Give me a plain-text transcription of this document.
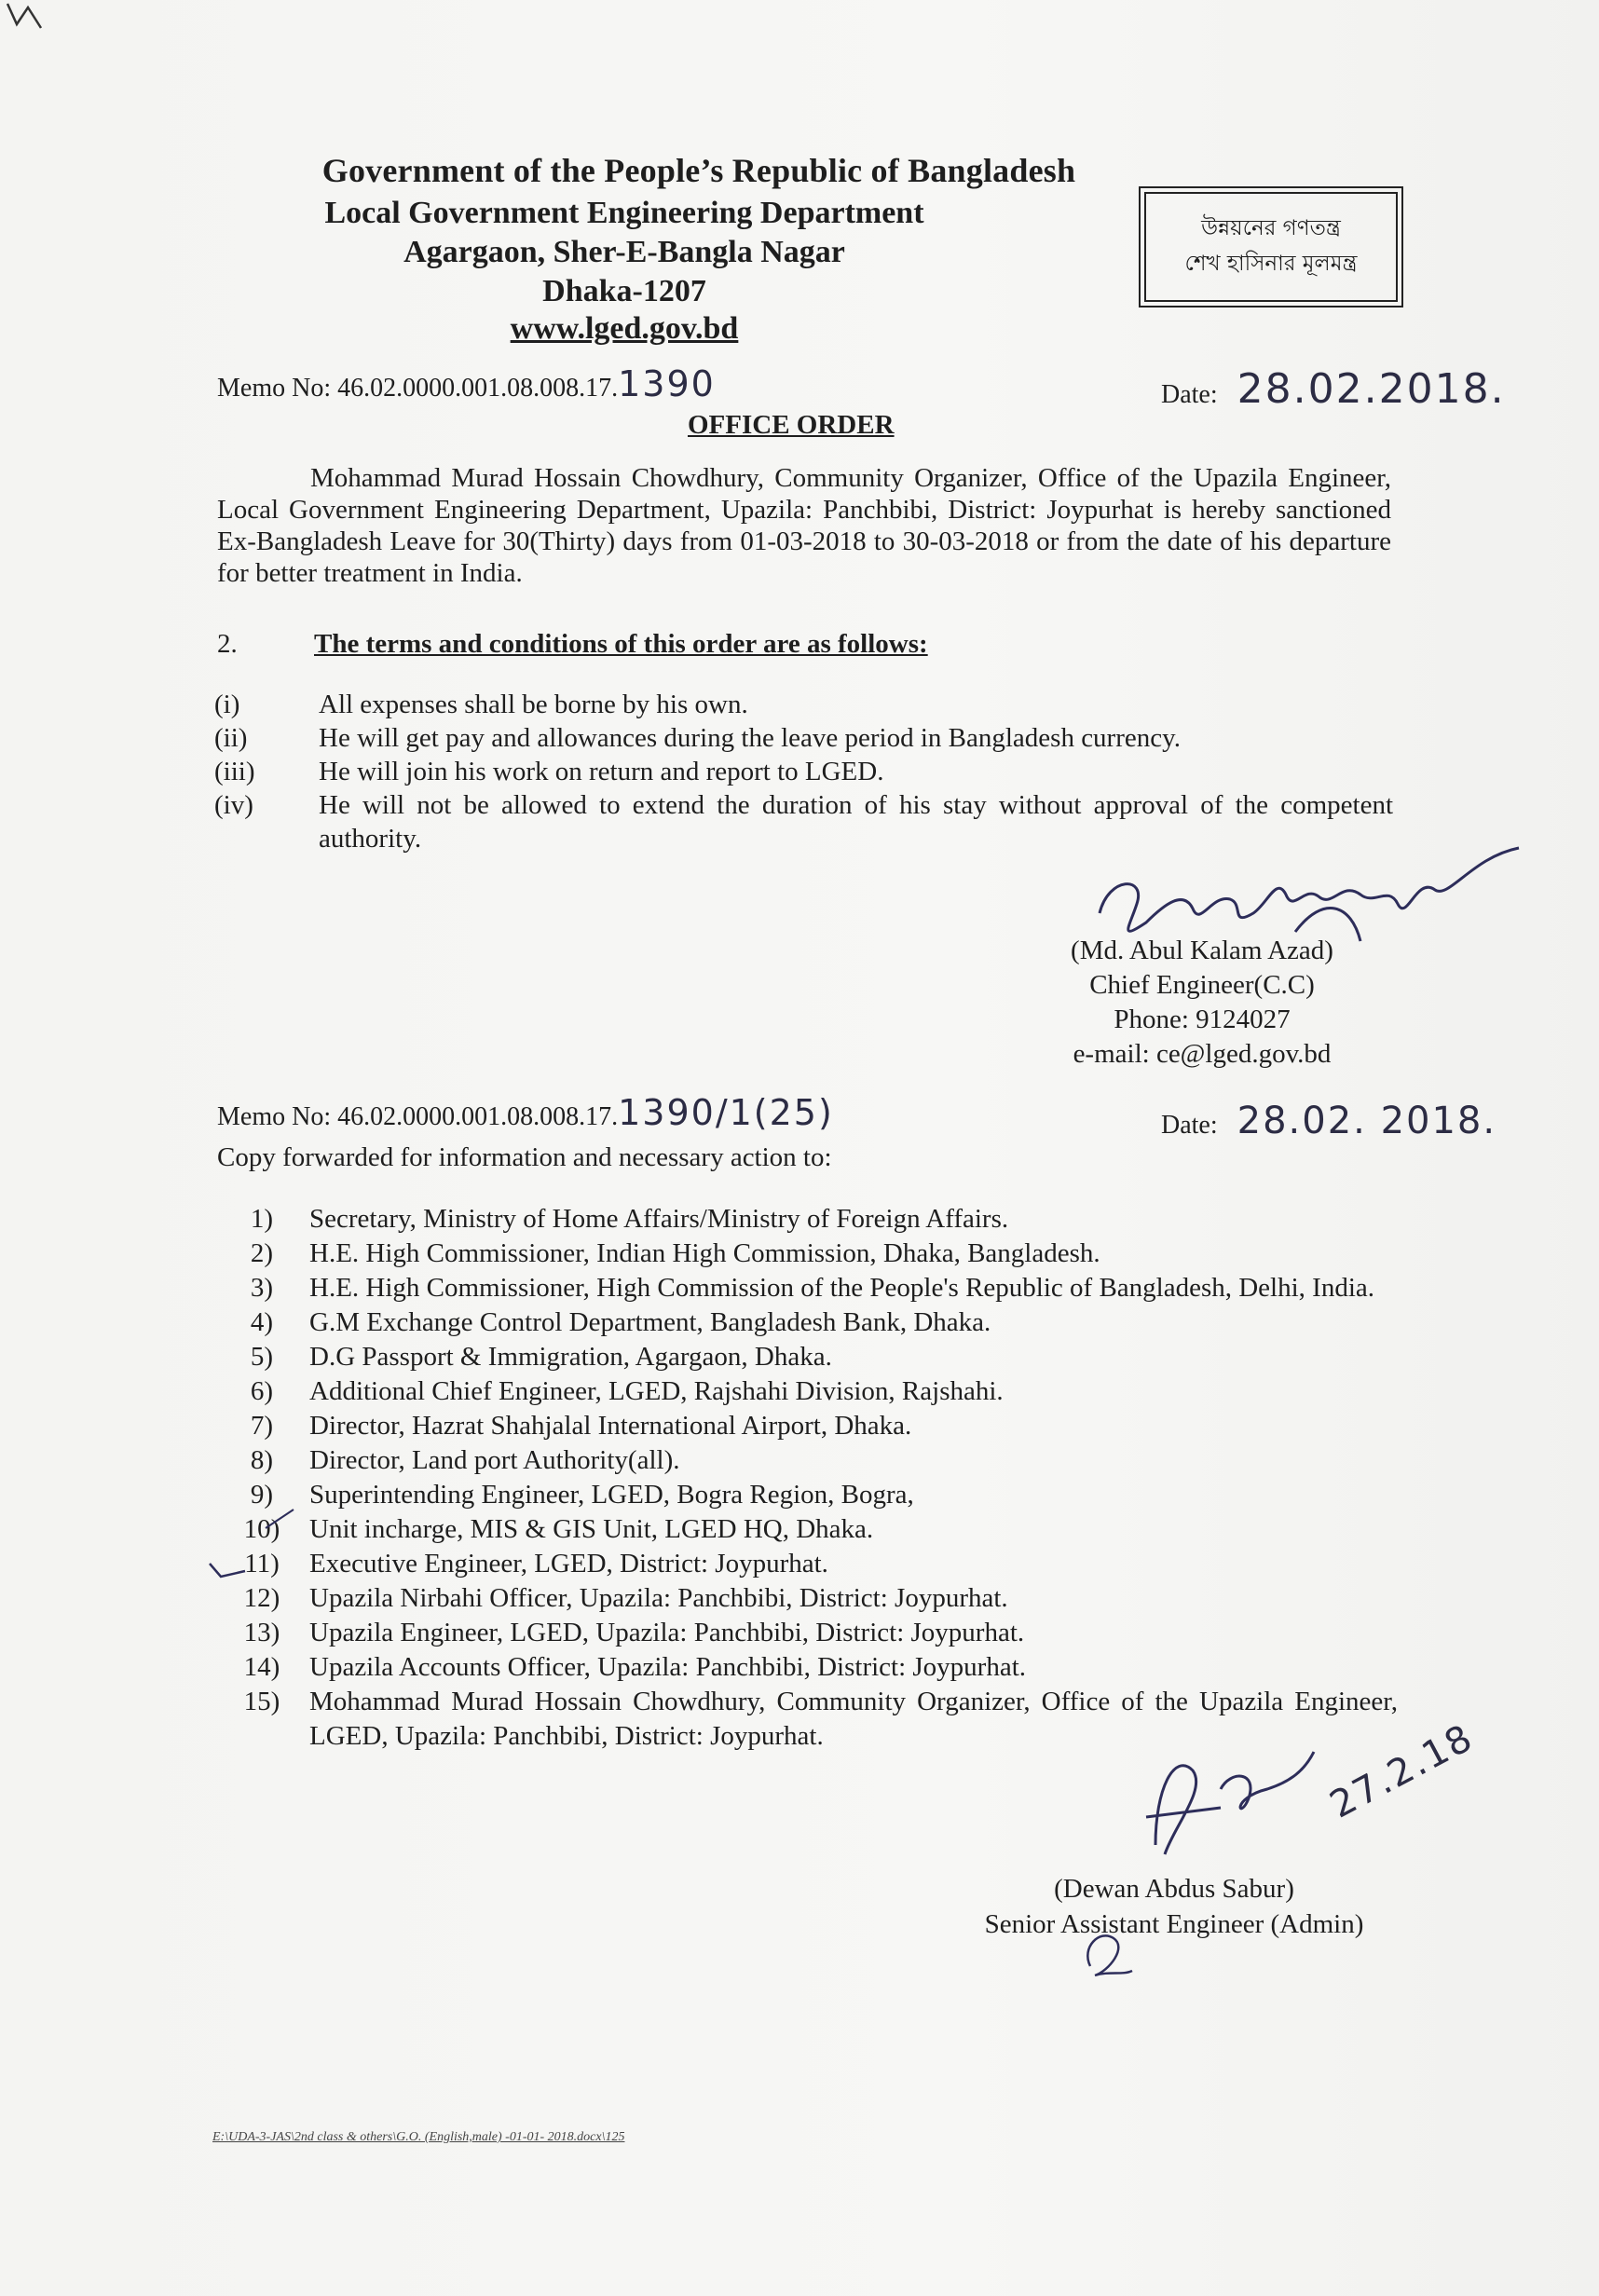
Government of the People’s Republic of Bangladesh
Local Government Engineering Department
Agargaon, Sher-E-Bangla Nagar
Dhaka-1207
www.lged.gov.bd
উন্নয়নের গণতন্ত্র
শেখ হাসিনার মূলমন্ত্র
Memo No: 46.02.0000.001.08.008.17.1390	Date: 28.02.2018.
OFFICE ORDER

Mohammad Murad Hossain Chowdhury, Community Organizer, Office of the Upazila Engineer, Local Government Engineering Department, Upazila: Panchbibi, District: Joypurhat is hereby sanctioned Ex-Bangladesh Leave for 30(Thirty) days from 01-03-2018 to 30-03-2018 or from the date of his departure for better treatment in India.

2.	The terms and conditions of this order are as follows:
(i)	All expenses shall be borne by his own.
(ii)	He will get pay and allowances during the leave period in Bangladesh currency.
(iii)	He will join his work on return and report to LGED.
(iv)	He will not be allowed to extend the duration of his stay without approval of the competent authority.
(Md. Abul Kalam Azad)
Chief Engineer(C.C)
Phone: 9124027
e-mail: ce@lged.gov.bd
Memo No: 46.02.0000.001.08.008.17.1390/1(25)	Date: 28.02. 2018.
Copy forwarded for information and necessary action to:
1)	Secretary, Ministry of Home Affairs/Ministry of Foreign Affairs.
2)	H.E. High Commissioner, Indian High Commission, Dhaka, Bangladesh.
3)	H.E. High Commissioner, High Commission of the People's Republic of Bangladesh, Delhi, India.
4)	G.M Exchange Control Department, Bangladesh Bank, Dhaka.
5)	D.G Passport & Immigration, Agargaon, Dhaka.
6)	Additional Chief Engineer, LGED, Rajshahi Division, Rajshahi.
7)	Director, Hazrat Shahjalal International Airport, Dhaka.
8)	Director, Land port Authority(all).
9)	Superintending Engineer, LGED, Bogra Region, Bogra,
10)	Unit incharge, MIS & GIS Unit, LGED HQ, Dhaka.
11)	Executive Engineer, LGED, District: Joypurhat.
12)	Upazila Nirbahi Officer, Upazila: Panchbibi, District: Joypurhat.
13)	Upazila Engineer, LGED, Upazila: Panchbibi, District: Joypurhat.
14)	Upazila Accounts Officer, Upazila: Panchbibi, District: Joypurhat.
15)	Mohammad Murad Hossain Chowdhury, Community Organizer, Office of the Upazila Engineer, LGED, Upazila: Panchbibi, District: Joypurhat.	27.2.18
(Dewan Abdus Sabur)
Senior Assistant Engineer (Admin)
E:\UDA-3-JAS\2nd class & others\G.O. (English,male) -01-01- 2018.docx\125
